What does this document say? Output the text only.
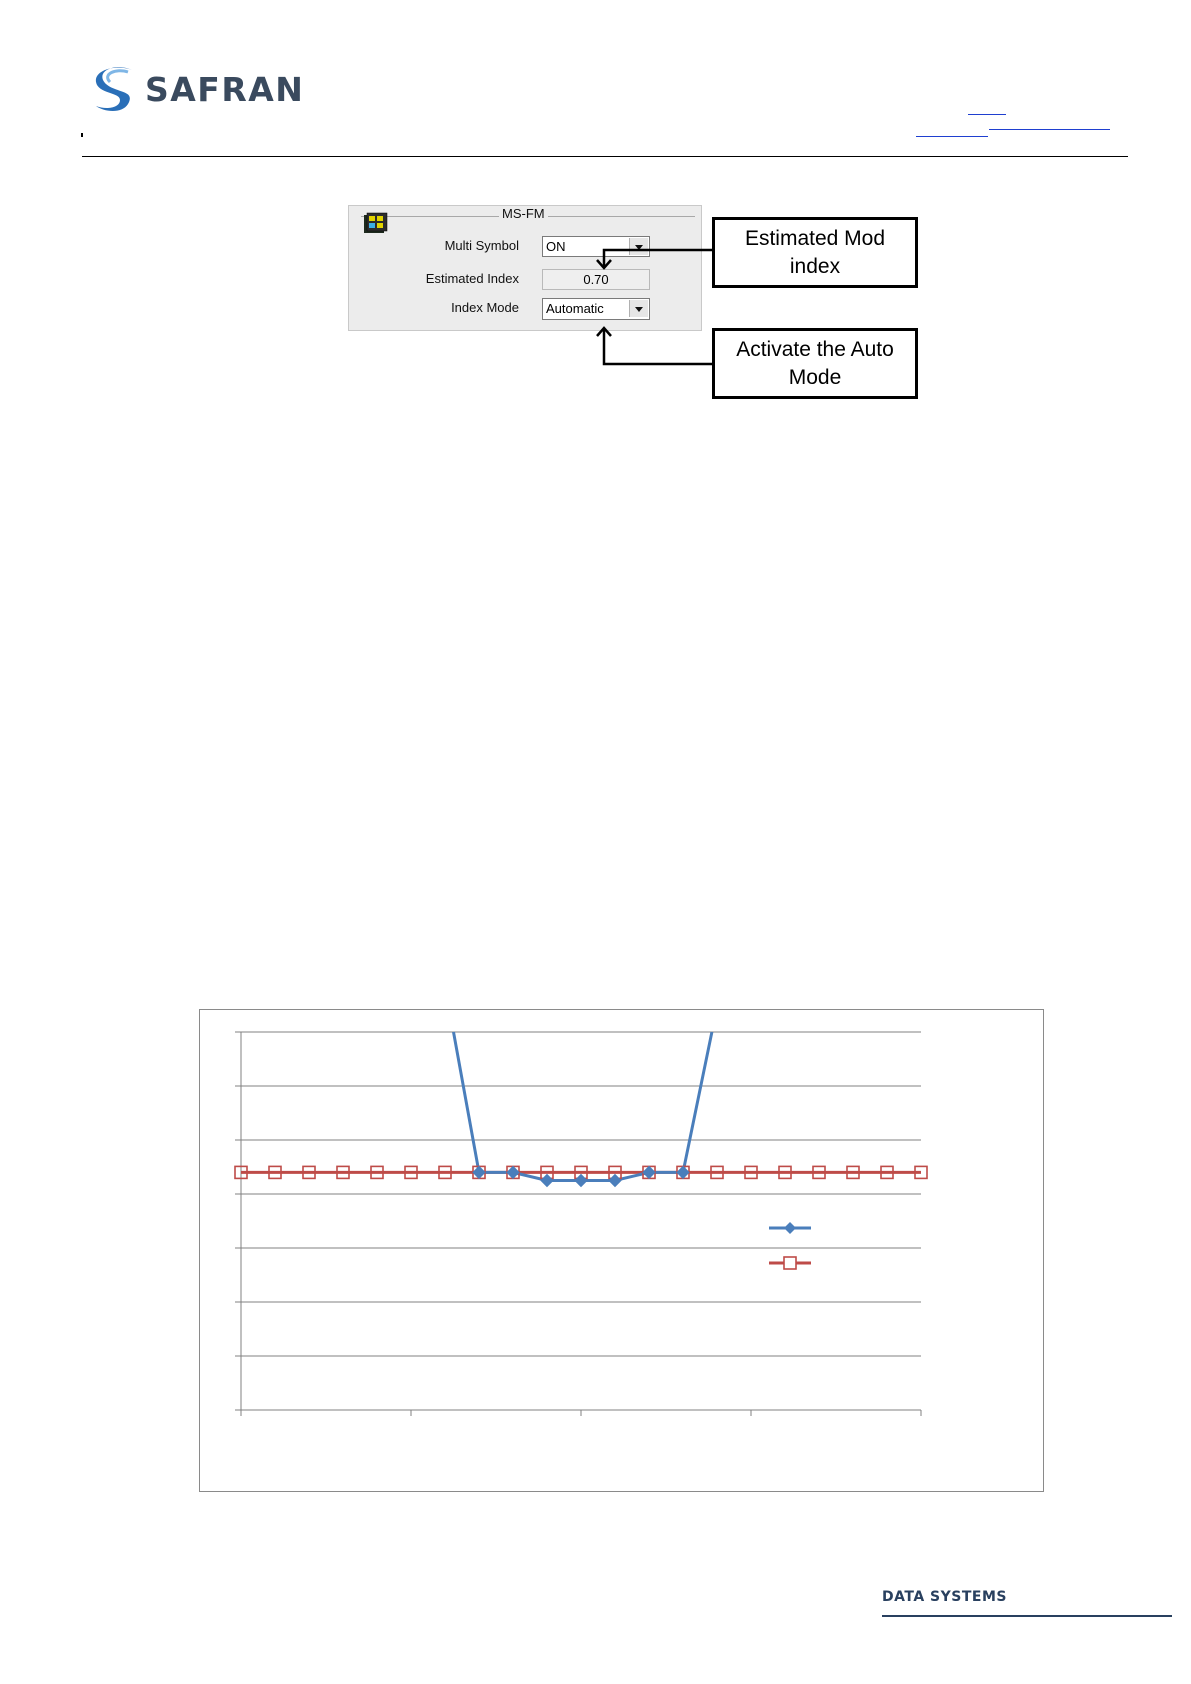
SAFRAN
MS-FM
Multi Symbol	ON
Estimated Index	0.70
Index Mode	Automatic
Estimated Mod index
Activate the Auto Mode
DATA SYSTEMS
